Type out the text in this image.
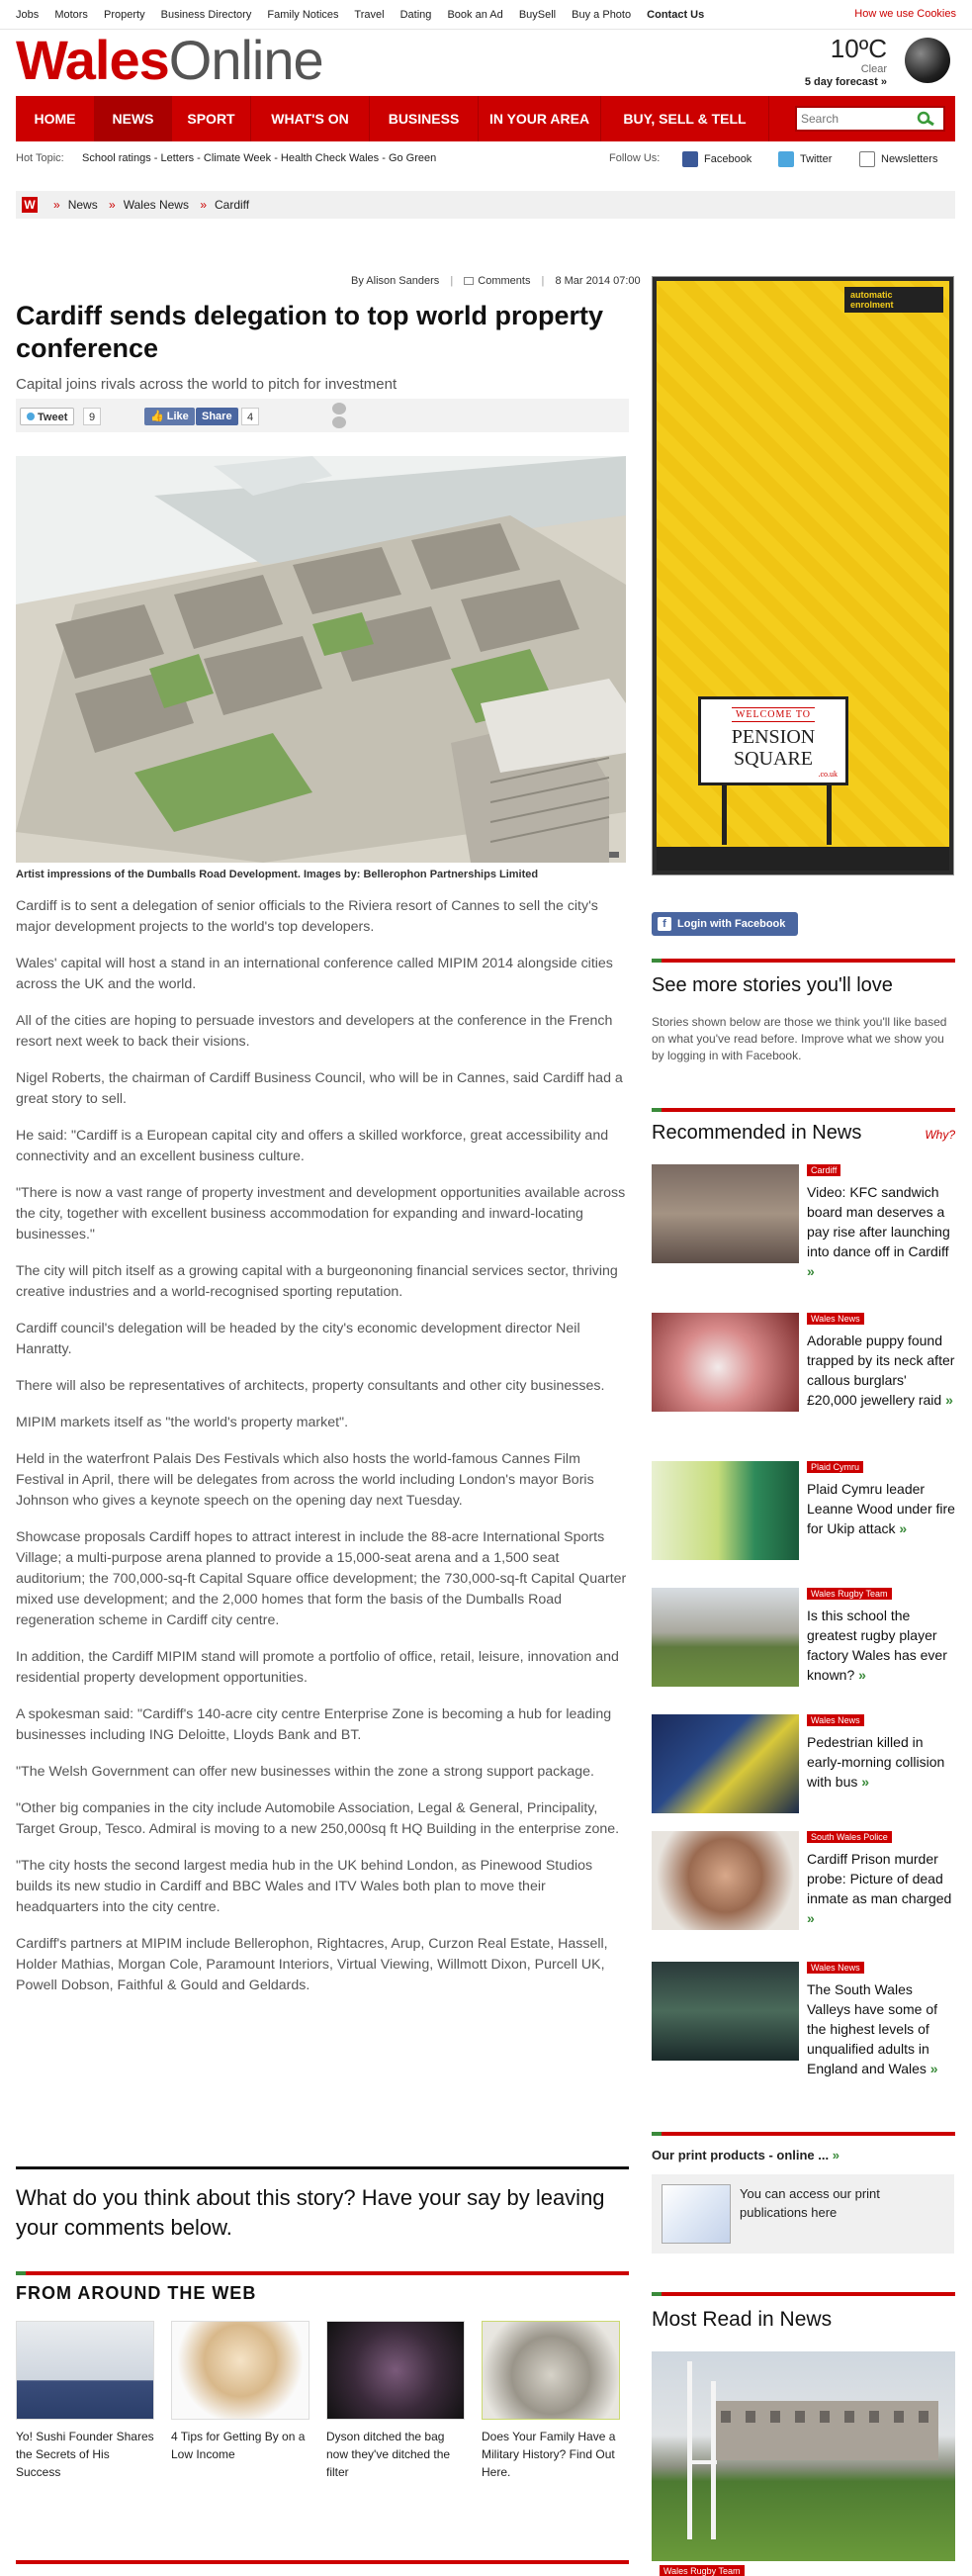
Jobs Motors Property Business Directory Family Notices Travel Dating Book an Ad BuySell Buy a Photo Contact Us	How we use Cookies
WalesOnline	10ºC
Clear
5 day forecast »
HOME	NEWS	SPORT	WHAT'S ON	BUSINESS	IN YOUR AREA	BUY, SELL & TELL
Search
Hot Topic: School ratings - Letters - Climate Week - Health Check Wales - Go Green	Follow Us:	Facebook	Twitter	Newsletters
W	» News » Wales News » Cardiff
By Alison Sanders | Comments | 8 Mar 2014 07:00
Cardiff sends delegation to top world property conference
Capital joins rivals across the world to pitch for investment
Tweet	9	👍 Like	Share	4
Artist impressions of the Dumballs Road Development. Images by: Bellerophon Partnerships Limited

Cardiff is to sent a delegation of senior officials to the Riviera resort of Cannes to sell the city's major development projects to the world's top developers.

Wales' capital will host a stand in an international conference called MIPIM 2014 alongside cities across the UK and the world.

All of the cities are hoping to persuade investors and developers at the conference in the French resort next week to back their visions.

Nigel Roberts, the chairman of Cardiff Business Council, who will be in Cannes, said Cardiff had a great story to sell.

He said: "Cardiff is a European capital city and offers a skilled workforce, great accessibility and connectivity and an excellent business culture.

"There is now a vast range of property investment and development opportunities available across the city, together with excellent business accommodation for expanding and inward-locating businesses."

The city will pitch itself as a growing capital with a burgeononing financial services sector, thriving creative industries and a world-recognised sporting reputation.

Cardiff council's delegation will be headed by the city's economic development director Neil Hanratty.

There will also be representatives of architects, property consultants and other city businesses.

MIPIM markets itself as "the world's property market".

Held in the waterfront Palais Des Festivals which also hosts the world-famous Cannes Film Festival in April, there will be delegates from across the world including London's mayor Boris Johnson who gives a keynote speech on the opening day next Tuesday.

Showcase proposals Cardiff hopes to attract interest in include the 88-acre International Sports Village; a multi-purpose arena planned to provide a 15,000-seat arena and a 1,500 seat auditorium; the 700,000-sq-ft Capital Square office development; the 730,000-sq-ft Capital Quarter mixed use development; and the 2,000 homes that form the basis of the Dumballs Road regeneration scheme in Cardiff city centre.

In addition, the Cardiff MIPIM stand will promote a portfolio of office, retail, leisure, innovation and residential property development opportunities.

A spokesman said: "Cardiff's 140-acre city centre Enterprise Zone is becoming a hub for leading businesses including ING Deloitte, Lloyds Bank and BT.

"The Welsh Government can offer new businesses within the zone a strong support package.

"Other big companies in the city include Automobile Association, Legal & General, Principality, Target Group, Tesco. Admiral is moving to a new 250,000sq ft HQ Building in the enterprise zone.

"The city hosts the second largest media hub in the UK behind London, as Pinewood Studios builds its new studio in Cardiff and BBC Wales and ITV Wales both plan to move their headquarters into the city centre.

Cardiff's partners at MIPIM include Bellerophon, Rightacres, Arup, Curzon Real Estate, Hassell, Holder Mathias, Morgan Cole, Paramount Interiors, Virtual Viewing, Willmott Dixon, Purcell UK, Powell Dobson, Faithful & Gould and Geldards.

What do you think about this story? Have your say by leaving your comments below.
FROM AROUND THE WEB
Yo! Sushi Founder Shares the Secrets of His Success
4 Tips for Getting By on a Low Income
Dyson ditched the bag now they've ditched the filter
Does Your Family Have a Military History? Find Out Here.
automatic enrolment
WELCOME TO
PENSION SQUARE
.co.uk
f	Login with Facebook
See more stories you'll love
Stories shown below are those we think you'll like based on what you've read before. Improve what we show you by logging in with Facebook.
Recommended in News	Why?
Cardiff
Video: KFC sandwich board man deserves a pay rise after launching into dance off in Cardiff »
Wales News
Adorable puppy found trapped by its neck after callous burglars' £20,000 jewellery raid »
Plaid Cymru
Plaid Cymru leader Leanne Wood under fire for Ukip attack »
Wales Rugby Team
Is this school the greatest rugby player factory Wales has ever known? »
Wales News
Pedestrian killed in early-morning collision with bus »
South Wales Police
Cardiff Prison murder probe: Picture of dead inmate as man charged »
Wales News
The South Wales Valleys have some of the highest levels of unqualified adults in England and Wales »
Our print products - online ... »
You can access our print publications here
Most Read in News
Wales Rugby Team
